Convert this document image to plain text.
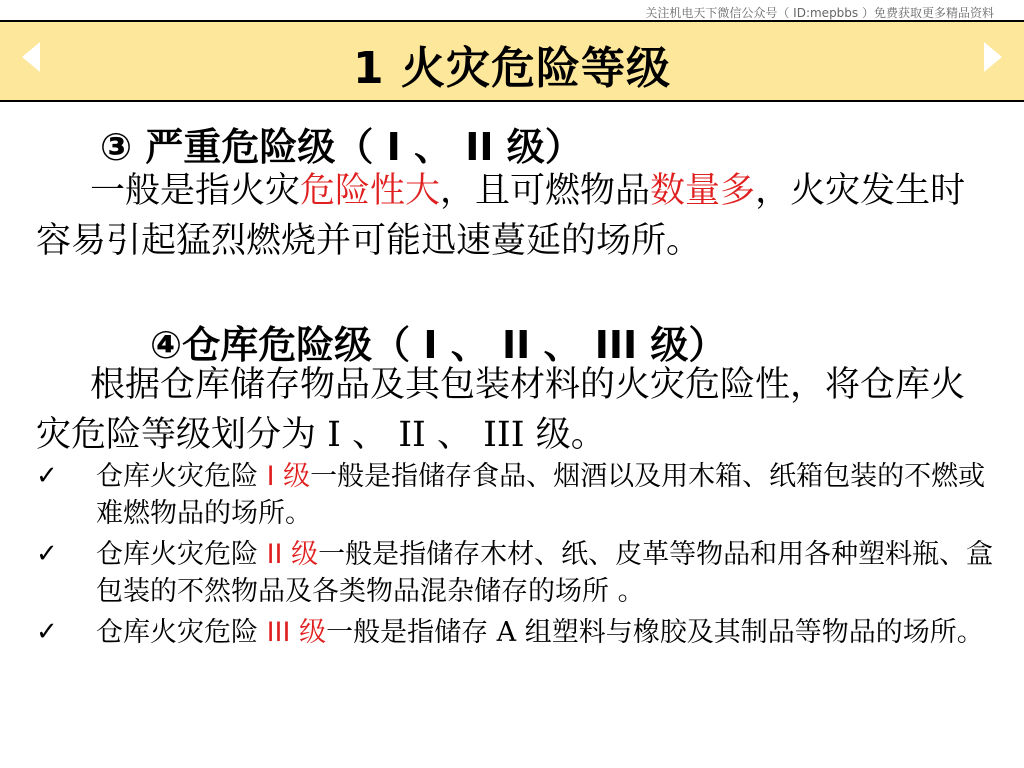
关注机电天下微信公众号（ ID:mepbbs ）免费获取更多精品资料
1 火灾危险等级
③ 严重危险级（ I 、 II 级）
一般是指火灾危险性大，且可燃物品数量多，火灾发生时容易引起猛烈燃烧并可能迅速蔓延的场所。
④仓库危险级（ I 、 II 、 III 级）
根据仓库储存物品及其包装材料的火灾危险性，将仓库火灾危险等级划分为 I 、 II 、 III 级。
✓ 仓库火灾危险 I 级一般是指储存食品、烟酒以及用木箱、纸箱包装的不燃或难燃物品的场所。
✓ 仓库火灾危险 II 级一般是指储存木材、纸、皮革等物品和用各种塑料瓶、盒包装的不然物品及各类物品混杂储存的场所 。
✓ 仓库火灾危险 III 级一般是指储存 A 组塑料与橡胶及其制品等物品的场所。
